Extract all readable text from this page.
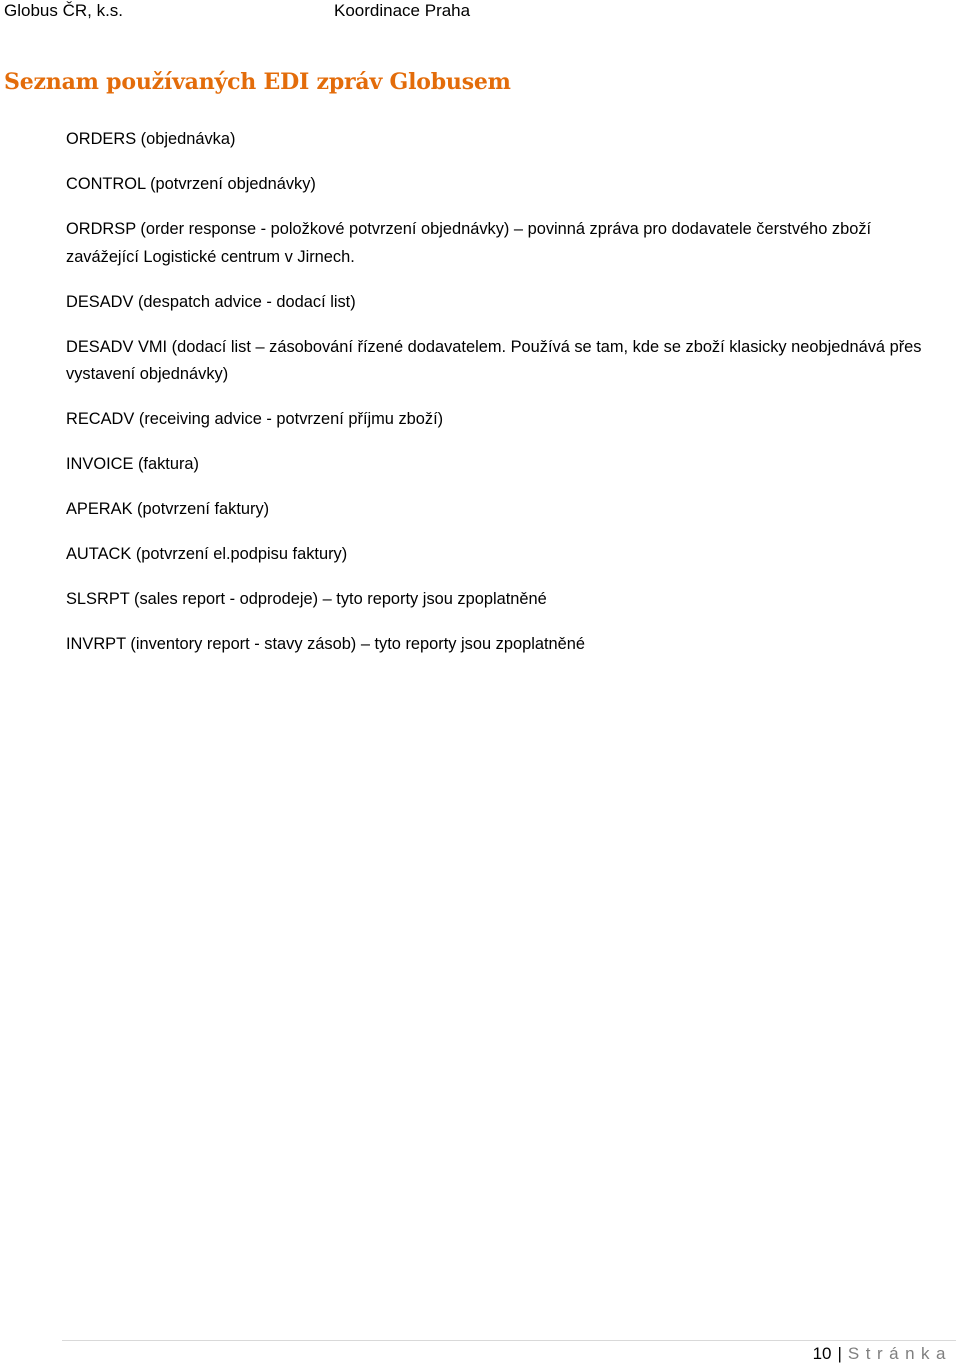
Globus ČR, k.s.	Koordinace Praha
Seznam používaných EDI zpráv Globusem
ORDERS (objednávka)
CONTROL (potvrzení objednávky)
ORDRSP (order response - položkové potvrzení objednávky) – povinná zpráva pro dodavatele čerstvého zboží zavážející Logistické centrum v Jirnech.
DESADV (despatch advice - dodací list)
DESADV VMI (dodací list – zásobování řízené dodavatelem. Používá se tam, kde se zboží klasicky neobjednává přes vystavení objednávky)
RECADV (receiving advice - potvrzení příjmu zboží)
INVOICE (faktura)
APERAK (potvrzení faktury)
AUTACK (potvrzení el.podpisu faktury)
SLSRPT (sales report - odprodeje) – tyto reporty jsou zpoplatněné
INVRPT (inventory report - stavy zásob) – tyto reporty jsou zpoplatněné
10 | Stránka
